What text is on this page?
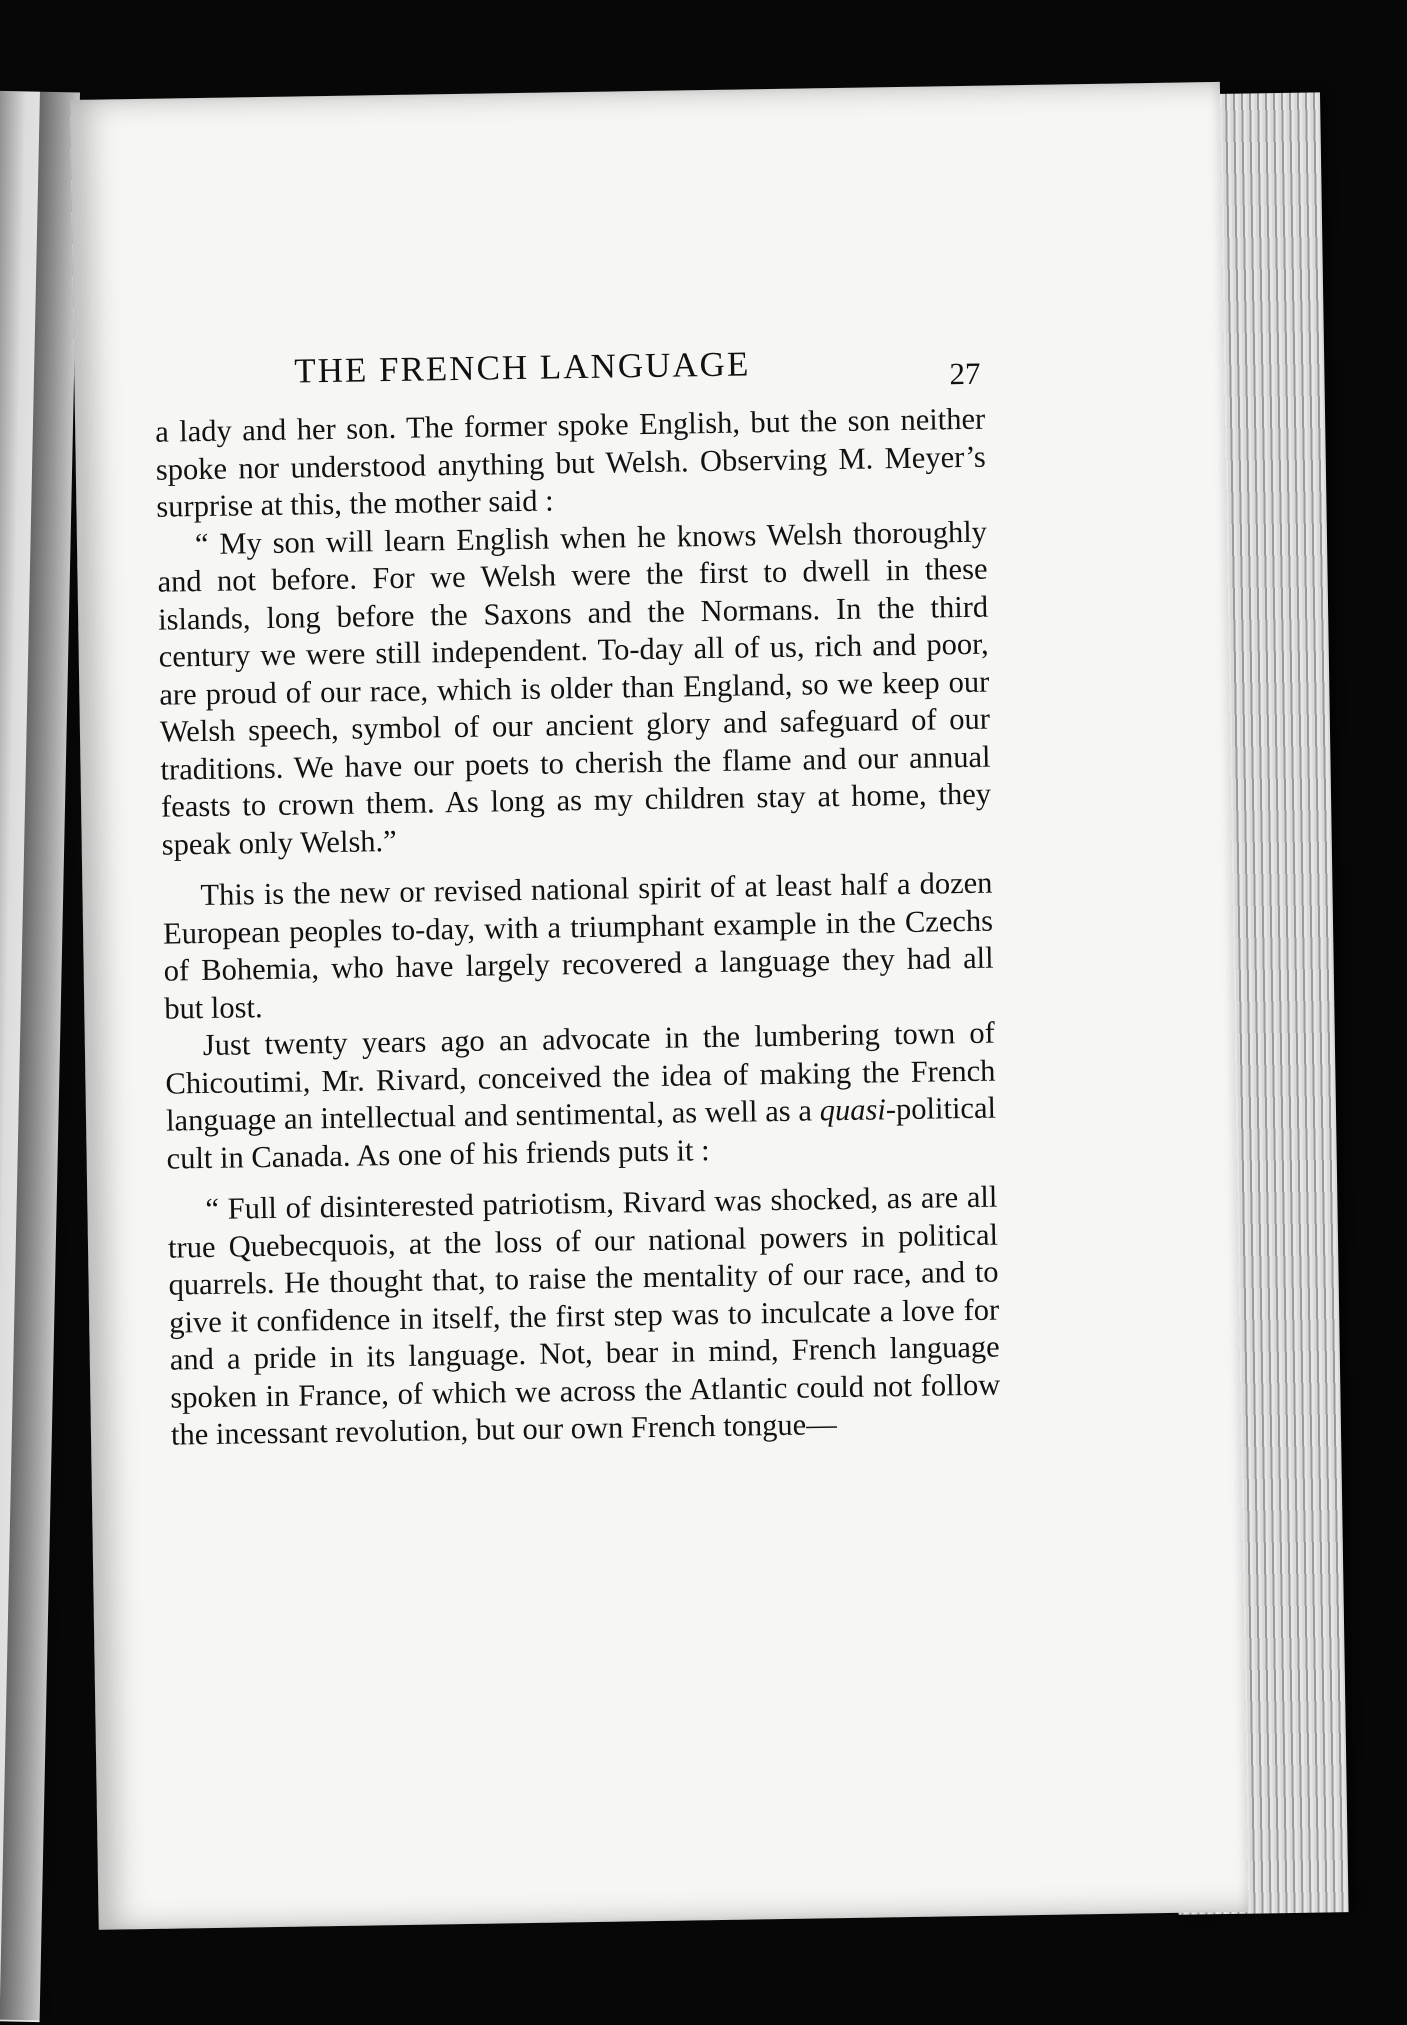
THE FRENCH LANGUAGE	27

a lady and her son. The former spoke English, but the son neither spoke nor understood anything but Welsh. Observing M. Meyer’s surprise at this, the mother said :

“ My son will learn English when he knows Welsh thoroughly and not before. For we Welsh were the first to dwell in these islands, long before the Saxons and the Normans. In the third century we were still independent. To-day all of us, rich and poor, are proud of our race, which is older than England, so we keep our Welsh speech, symbol of our ancient glory and safeguard of our traditions. We have our poets to cherish the flame and our annual feasts to crown them. As long as my children stay at home, they speak only Welsh.”

This is the new or revised national spirit of at least half a dozen European peoples to-day, with a triumphant example in the Czechs of Bohemia, who have largely recovered a language they had all but lost.

Just twenty years ago an advocate in the lumbering town of Chicoutimi, Mr. Rivard, conceived the idea of making the French language an intellectual and sentimental, as well as a quasi-political cult in Canada. As one of his friends puts it :

“ Full of disinterested patriotism, Rivard was shocked, as are all true Quebecquois, at the loss of our national powers in political quarrels. He thought that, to raise the mentality of our race, and to give it confidence in itself, the first step was to inculcate a love for and a pride in its language. Not, bear in mind, French language spoken in France, of which we across the Atlantic could not follow the incessant revolution, but our own French tongue—
